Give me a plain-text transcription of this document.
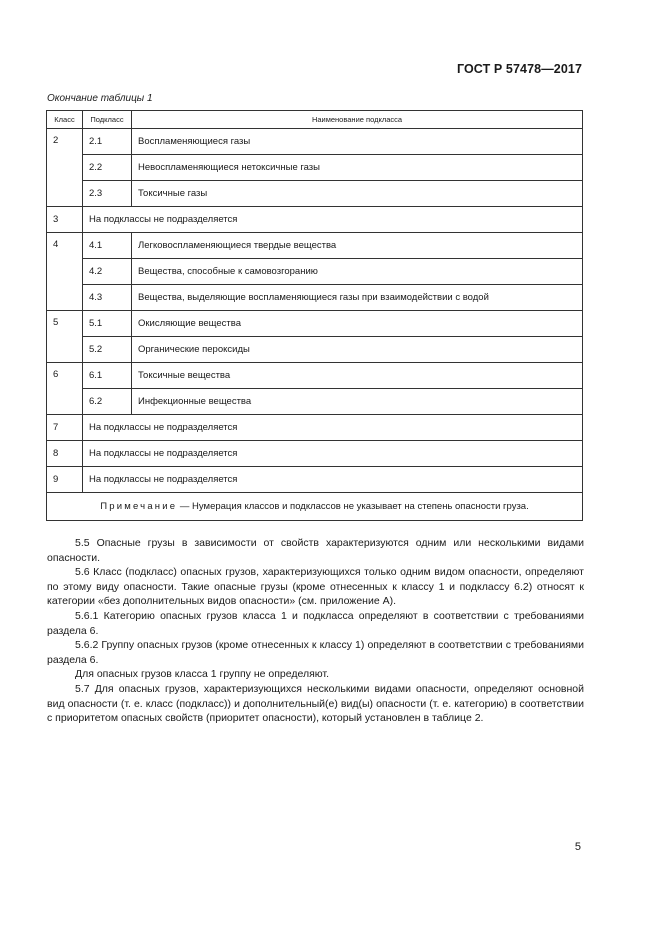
ГОСТ Р 57478—2017
Окончание таблицы 1
Класс	Подкласс	Наименование подкласса
2	2.1	Воспламеняющиеся газы
	2.2	Невоспламеняющиеся нетоксичные газы
	2.3	Токсичные газы
3	На подклассы не подразделяется	
4	4.1	Легковоспламеняющиеся твердые вещества
	4.2	Вещества, способные к самовозгоранию
	4.3	Вещества, выделяющие воспламеняющиеся газы при взаимодействии с водой
5	5.1	Окисляющие вещества
	5.2	Органические пероксиды
6	6.1	Токсичные вещества
	6.2	Инфекционные вещества
7	На подклассы не подразделяется	
8	На подклассы не подразделяется	
9	На подклассы не подразделяется	
Примечание — Нумерация классов и подклассов не указывает на степень опасности груза.		

5.5 Опасные грузы в зависимости от свойств характеризуются одним или несколькими видами опасности.

5.6 Класс (подкласс) опасных грузов, характеризующихся только одним видом опасности, определяют по этому виду опасности. Такие опасные грузы (кроме отнесенных к классу 1 и подклассу 6.2) относят к категории «без дополнительных видов опасности» (см. приложение А).

5.6.1 Категорию опасных грузов класса 1 и подкласса определяют в соответствии с требованиями раздела 6.

5.6.2 Группу опасных грузов (кроме отнесенных к классу 1) определяют в соответствии с требованиями раздела 6.

Для опасных грузов класса 1 группу не определяют.

5.7 Для опасных грузов, характеризующихся несколькими видами опасности, определяют основной вид опасности (т. е. класс (подкласс)) и дополнительный(е) вид(ы) опасности (т. е. категорию) в соответствии с приоритетом опасных свойств (приоритет опасности), который установлен в таблице 2.

5
